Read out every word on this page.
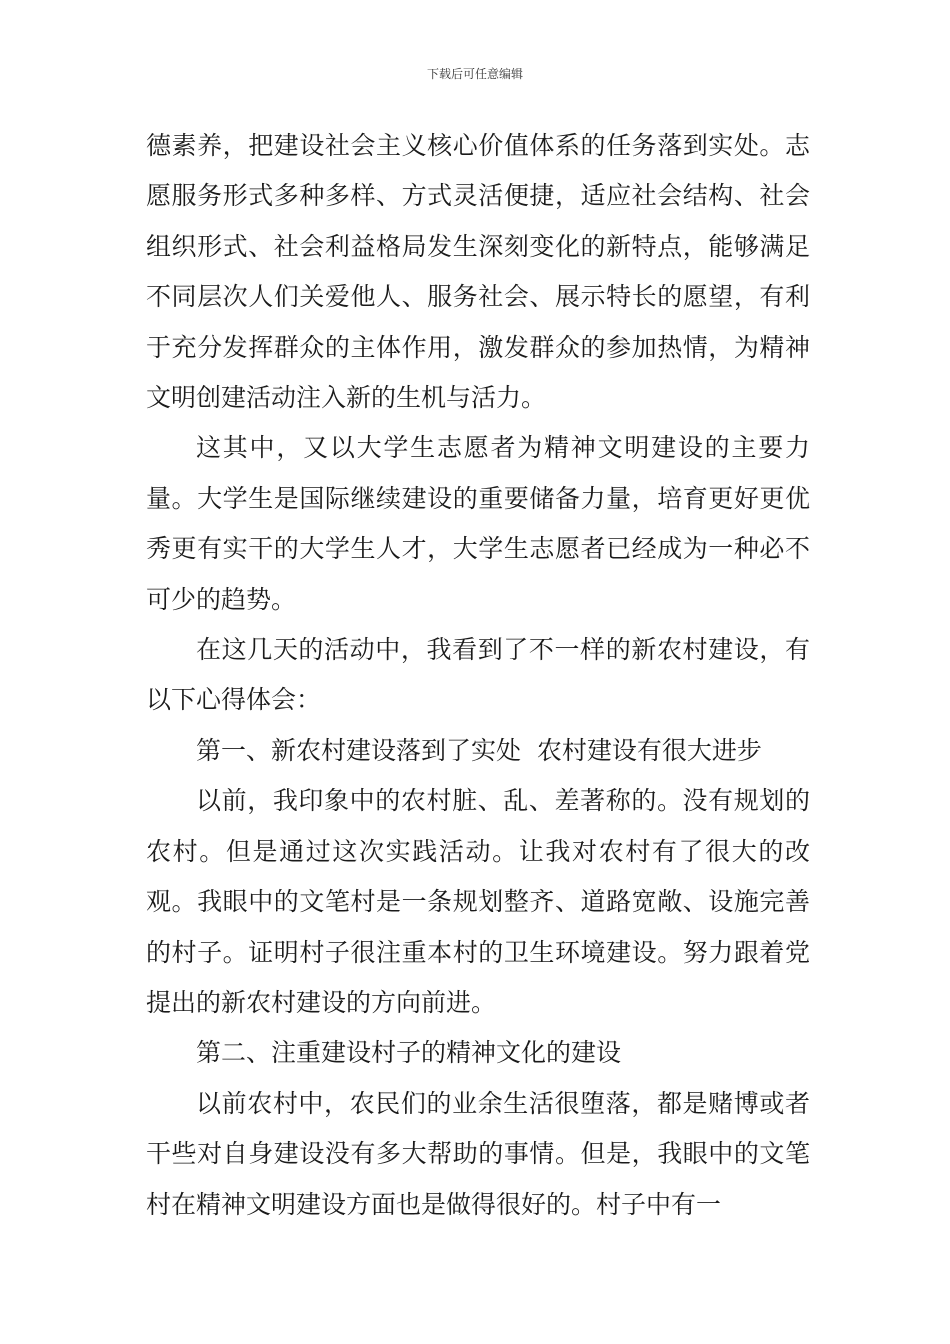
下载后可任意编辑

德素养，把建设社会主义核心价值体系的任务落到实处。志愿服务形式多种多样、方式灵活便捷，适应社会结构、社会组织形式、社会利益格局发生深刻变化的新特点，能够满足不同层次人们关爱他人、服务社会、展示特长的愿望，有利于充分发挥群众的主体作用，激发群众的参加热情，为精神文明创建活动注入新的生机与活力。

这其中，又以大学生志愿者为精神文明建设的主要力量。大学生是国际继续建设的重要储备力量，培育更好更优秀更有实干的大学生人才，大学生志愿者已经成为一种必不可少的趋势。

在这几天的活动中，我看到了不一样的新农村建设，有以下心得体会：

第一、新农村建设落到了实处  农村建设有很大进步

以前，我印象中的农村脏、乱、差著称的。没有规划的农村。但是通过这次实践活动。让我对农村有了很大的改观。我眼中的文笔村是一条规划整齐、道路宽敞、设施完善的村子。证明村子很注重本村的卫生环境建设。努力跟着党提出的新农村建设的方向前进。

第二、注重建设村子的精神文化的建设

以前农村中，农民们的业余生活很堕落，都是赌博或者干些对自身建设没有多大帮助的事情。但是，我眼中的文笔村在精神文明建设方面也是做得很好的。村子中有一
